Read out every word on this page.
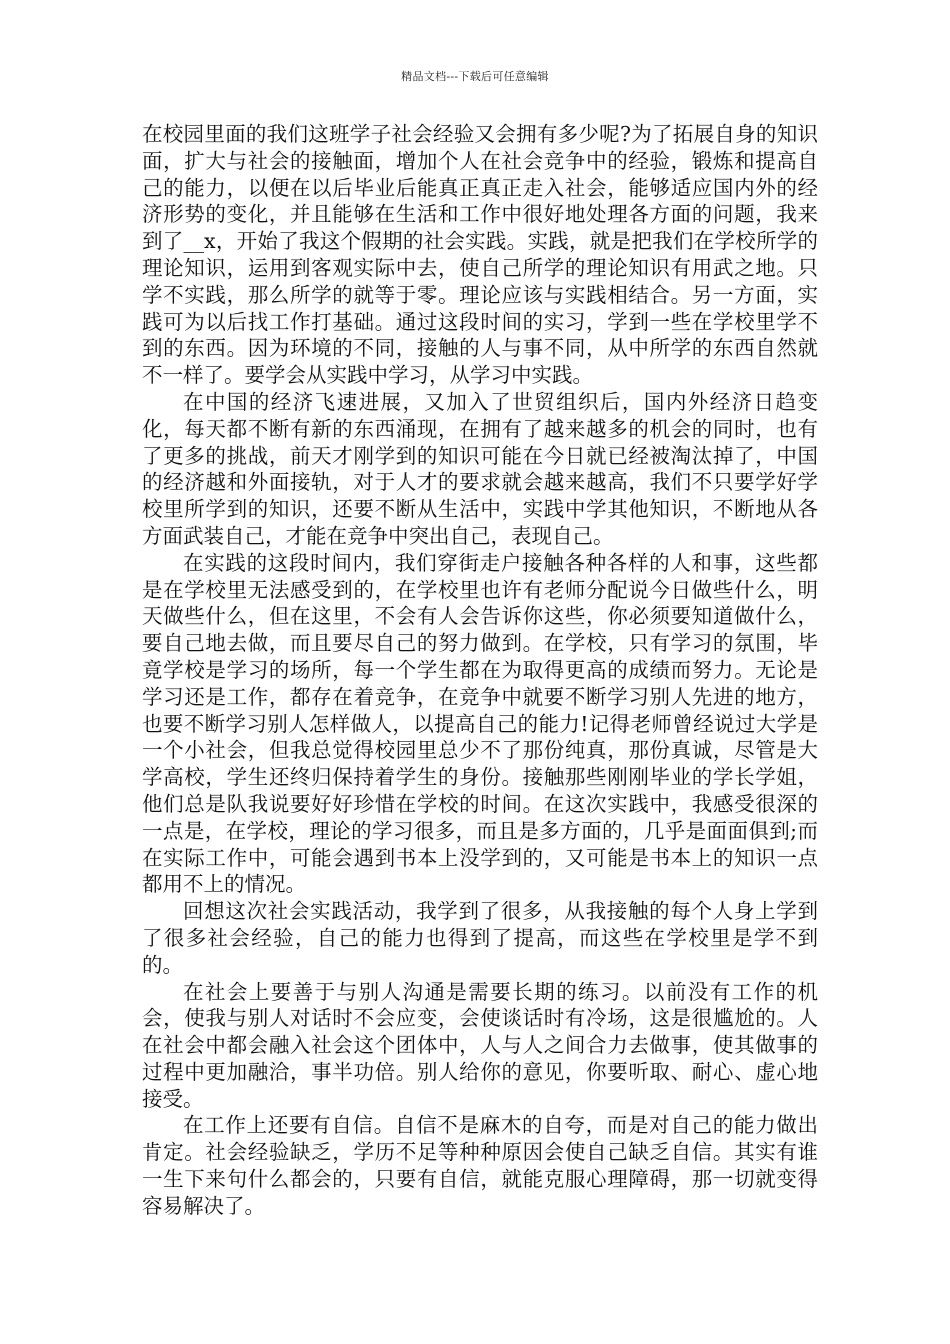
精品文档---下载后可任意编辑

在校园里面的我们这班学子社会经验又会拥有多少呢?为了拓展自身的知识面，扩大与社会的接触面，增加个人在社会竞争中的经验，锻炼和提高自己的能力，以便在以后毕业后能真正真正走入社会，能够适应国内外的经济形势的变化，并且能够在生活和工作中很好地处理各方面的问题，我来到了__x，开始了我这个假期的社会实践。实践，就是把我们在学校所学的理论知识，运用到客观实际中去，使自己所学的理论知识有用武之地。只学不实践，那么所学的就等于零。理论应该与实践相结合。另一方面，实践可为以后找工作打基础。通过这段时间的实习，学到一些在学校里学不到的东西。因为环境的不同，接触的人与事不同，从中所学的东西自然就不一样了。要学会从实践中学习，从学习中实践。

在中国的经济飞速进展，又加入了世贸组织后，国内外经济日趋变化，每天都不断有新的东西涌现，在拥有了越来越多的机会的同时，也有了更多的挑战，前天才刚学到的知识可能在今日就已经被淘汰掉了，中国的经济越和外面接轨，对于人才的要求就会越来越高，我们不只要学好学校里所学到的知识，还要不断从生活中，实践中学其他知识，不断地从各方面武装自己，才能在竞争中突出自己，表现自己。

在实践的这段时间内，我们穿街走户接触各种各样的人和事，这些都是在学校里无法感受到的，在学校里也许有老师分配说今日做些什么，明天做些什么，但在这里，不会有人会告诉你这些，你必须要知道做什么，要自己地去做，而且要尽自己的努力做到。在学校，只有学习的氛围，毕竟学校是学习的场所，每一个学生都在为取得更高的成绩而努力。无论是学习还是工作，都存在着竞争，在竞争中就要不断学习别人先进的地方，也要不断学习别人怎样做人，以提高自己的能力!记得老师曾经说过大学是一个小社会，但我总觉得校园里总少不了那份纯真，那份真诚，尽管是大学高校，学生还终归保持着学生的身份。接触那些刚刚毕业的学长学姐，他们总是队我说要好好珍惜在学校的时间。在这次实践中，我感受很深的一点是，在学校，理论的学习很多，而且是多方面的，几乎是面面俱到;而在实际工作中，可能会遇到书本上没学到的，又可能是书本上的知识一点都用不上的情况。

回想这次社会实践活动，我学到了很多，从我接触的每个人身上学到了很多社会经验，自己的能力也得到了提高，而这些在学校里是学不到的。

在社会上要善于与别人沟通是需要长期的练习。以前没有工作的机会，使我与别人对话时不会应变，会使谈话时有冷场，这是很尴尬的。人在社会中都会融入社会这个团体中，人与人之间合力去做事，使其做事的过程中更加融洽，事半功倍。别人给你的意见，你要听取、耐心、虚心地接受。

在工作上还要有自信。自信不是麻木的自夸，而是对自己的能力做出肯定。社会经验缺乏，学历不足等种种原因会使自己缺乏自信。其实有谁一生下来句什么都会的，只要有自信，就能克服心理障碍，那一切就变得容易解决了。
